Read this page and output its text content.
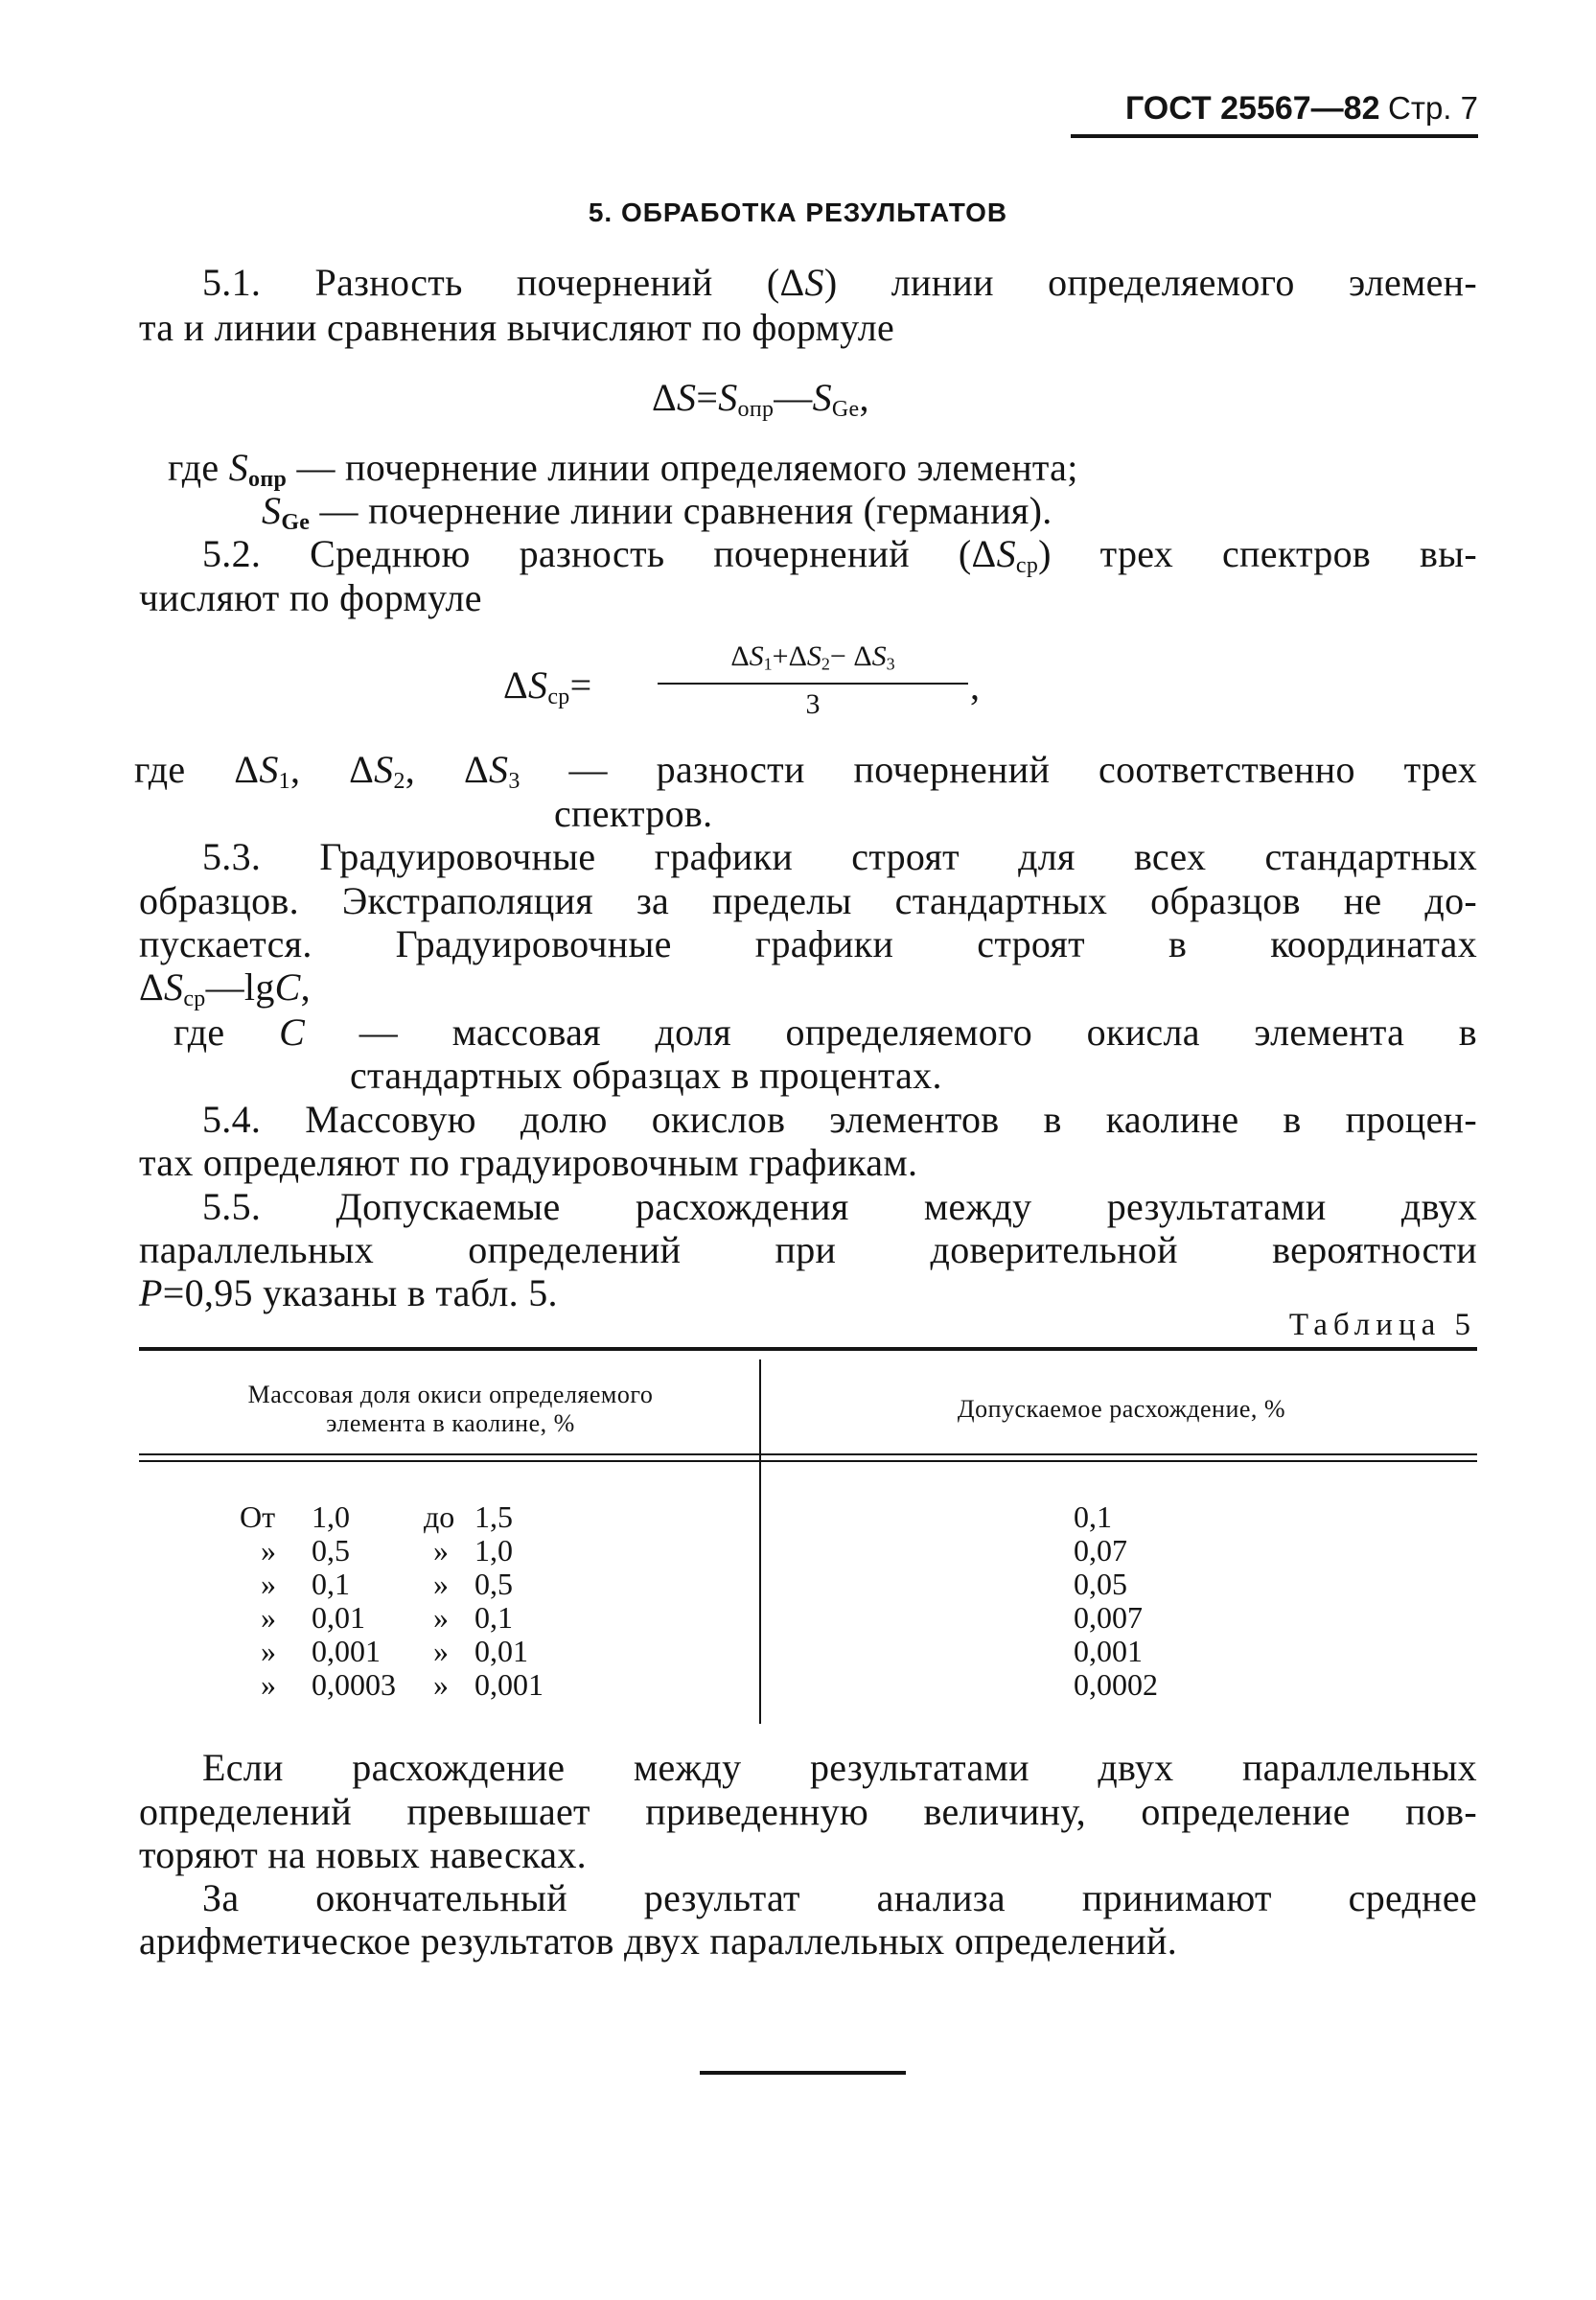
ГОСТ 25567—82 Стр. 7
5. ОБРАБОТКА РЕЗУЛЬТАТОВ
5.1. Разность почернений (ΔS) линии определяемого элемен-
та и линии сравнения вычисляют по формуле
$\Delta S=S_{опр}—S_{Ge}$,
где $S_{опр}$ — почернение линии определяемого элемента;
$S_{Ge}$ — почернение линии сравнения (германия).
5.2. Среднюю разность почернений $(\Delta S_{ср})$ трех спектров вы-
числяют по формуле
$\Delta S_{ср}=$
$\Delta S_1+\Delta S_2- \Delta S_3$
3	,
где $\Delta S_1$, $\Delta S_2$, $\Delta S_3$ — разности почернений соответственно трех
спектров.
5.3. Градуировочные графики строят для всех стандартных
образцов. Экстраполяция за пределы стандартных образцов не до-
пускается. Градуировочные графики строят в координатах
$\Delta S_{ср}—\lg C$,
где C — массовая доля определяемого окисла элемента в
стандартных образцах в процентах.
5.4. Массовую долю окислов элементов в каолине в процен-
тах определяют по градуировочным графикам.
5.5. Допускаемые расхождения между результатами двух
параллельных определений при доверительной вероятности
P=0,95 указаны в табл. 5.
Таблица 5
Массовая доля окиси определяемого
элемента в каолине, %
Допускаемое расхождение, %
От 1,0 до 1,5	0,1
» 0,5	» 1,0	0,07
» 0,1	» 0,5	0,05
» 0,01 » 0,1	0,007
» 0,001 » 0,01	0,001
» 0,0003 » 0,001	0,0002
Если расхождение между результатами двух параллельных
определений превышает приведенную величину, определение пов-
торяют на новых навесках.
За окончательный результат анализа принимают среднее
арифметическое результатов двух параллельных определений.
